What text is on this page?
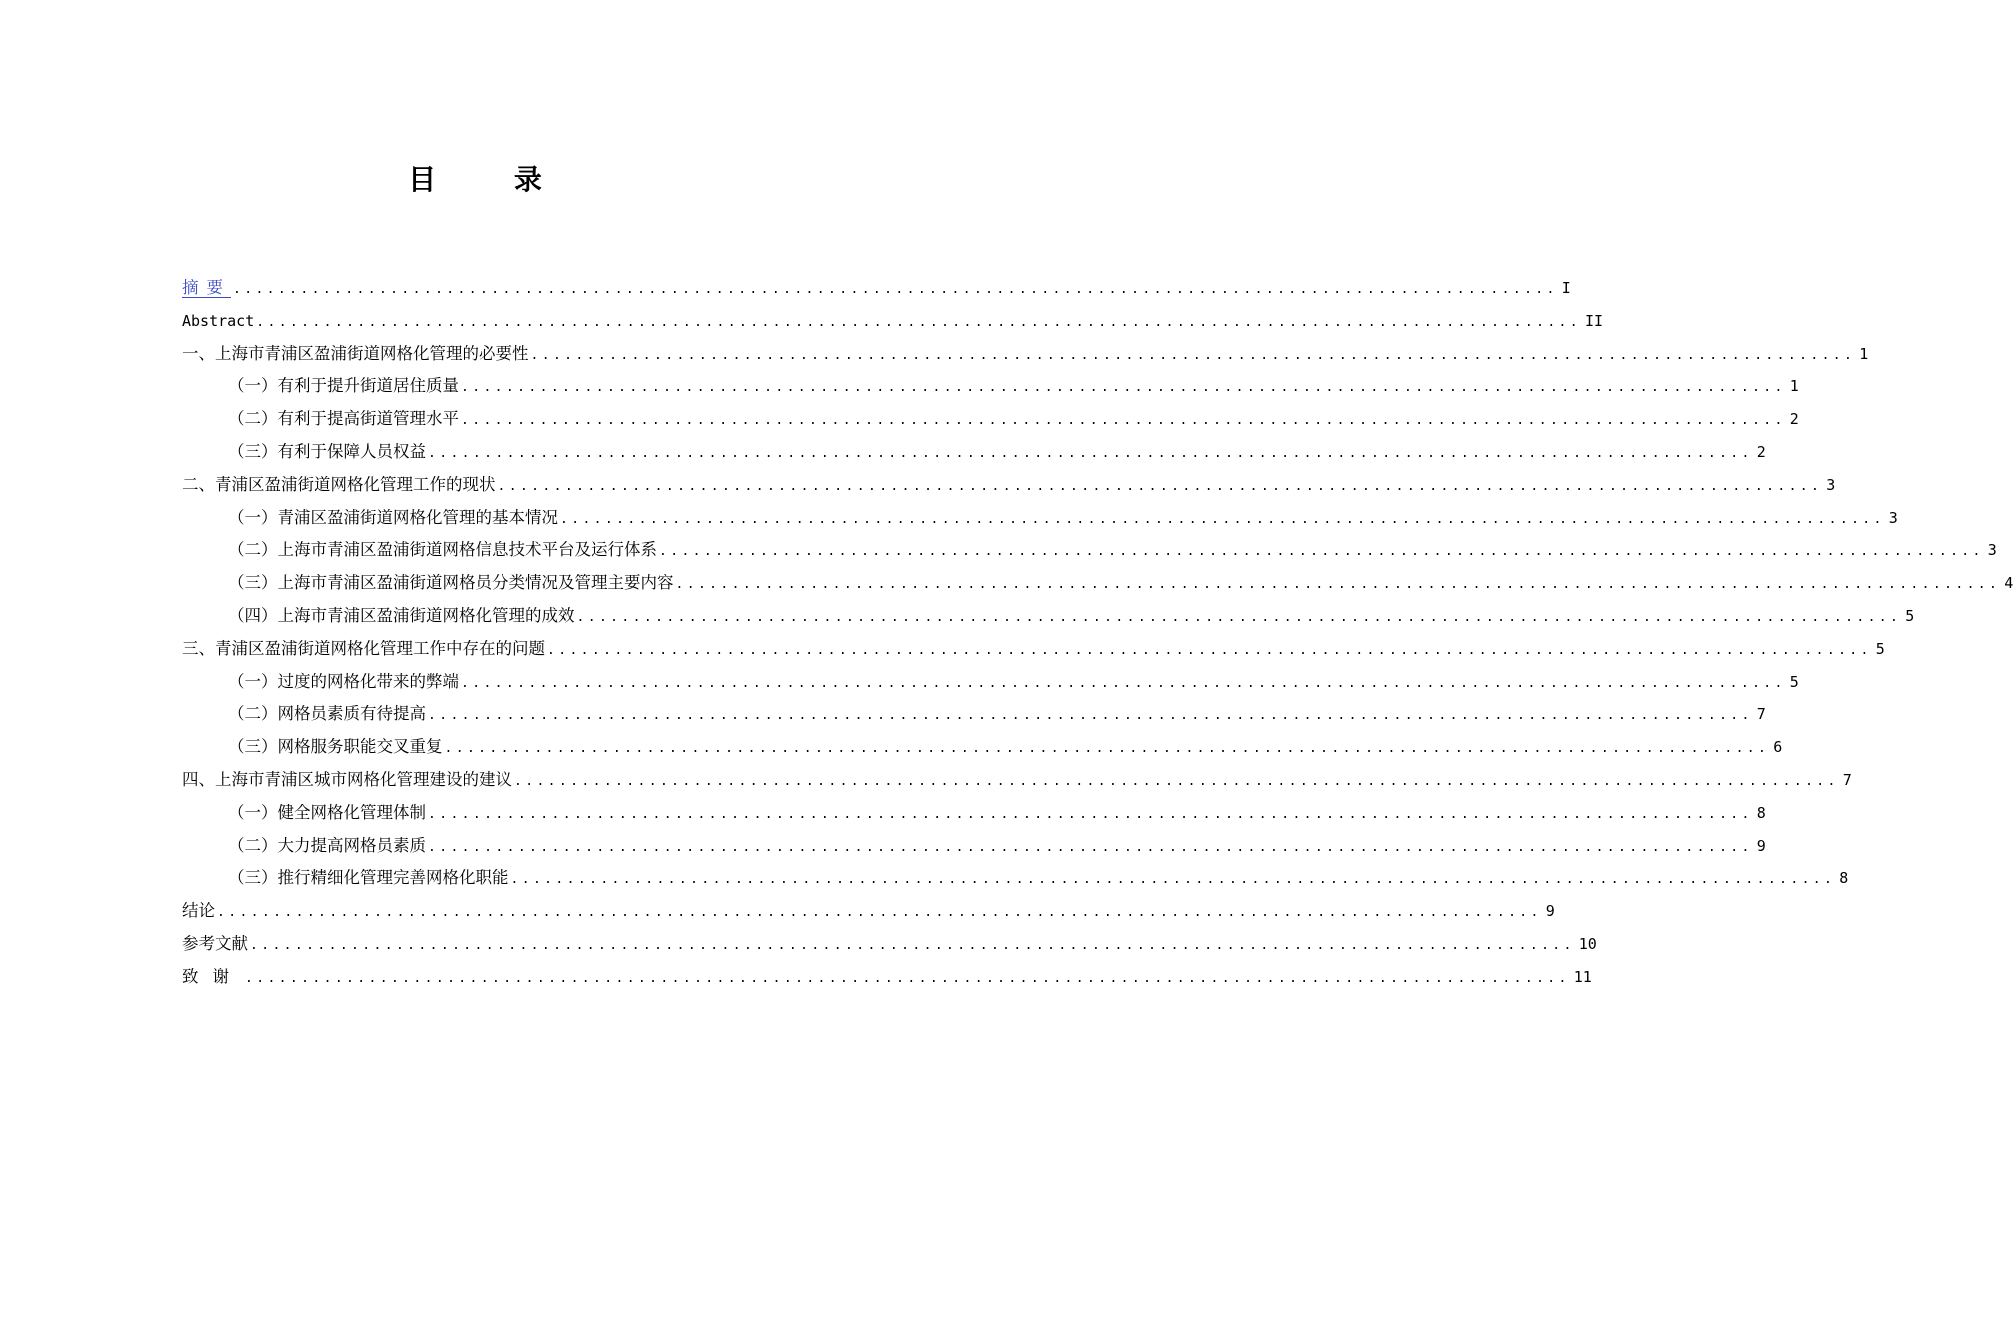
目 录
摘要 ...................................................................................................................... I
Abstract ...................................................................................................................... II
一、上海市青浦区盈浦街道网格化管理的必要性 ...................................................................................................................... 1
（一）有利于提升街道居住质量 ...................................................................................................................... 1
（二）有利于提高街道管理水平 ...................................................................................................................... 2
（三）有利于保障人员权益 ...................................................................................................................... 2
二、青浦区盈浦街道网格化管理工作的现状 ...................................................................................................................... 3
（一）青浦区盈浦街道网格化管理的基本情况 ...................................................................................................................... 3
（二）上海市青浦区盈浦街道网格信息技术平台及运行体系 ...................................................................................................................... 3
（三）上海市青浦区盈浦街道网格员分类情况及管理主要内容 ...................................................................................................................... 4
（四）上海市青浦区盈浦街道网格化管理的成效 ...................................................................................................................... 5
三、青浦区盈浦街道网格化管理工作中存在的问题 ...................................................................................................................... 5
（一）过度的网格化带来的弊端 ...................................................................................................................... 5
（二）网格员素质有待提高 ...................................................................................................................... 7
（三）网格服务职能交叉重复 ...................................................................................................................... 6
四、上海市青浦区城市网格化管理建设的建议 ...................................................................................................................... 7
（一）健全网格化管理体制 ...................................................................................................................... 8
（二）大力提高网格员素质 ...................................................................................................................... 9
（三）推行精细化管理完善网格化职能 ...................................................................................................................... 8
结论 ...................................................................................................................... 9
参考文献 ...................................................................................................................... 10
致谢 ...................................................................................................................... 11
